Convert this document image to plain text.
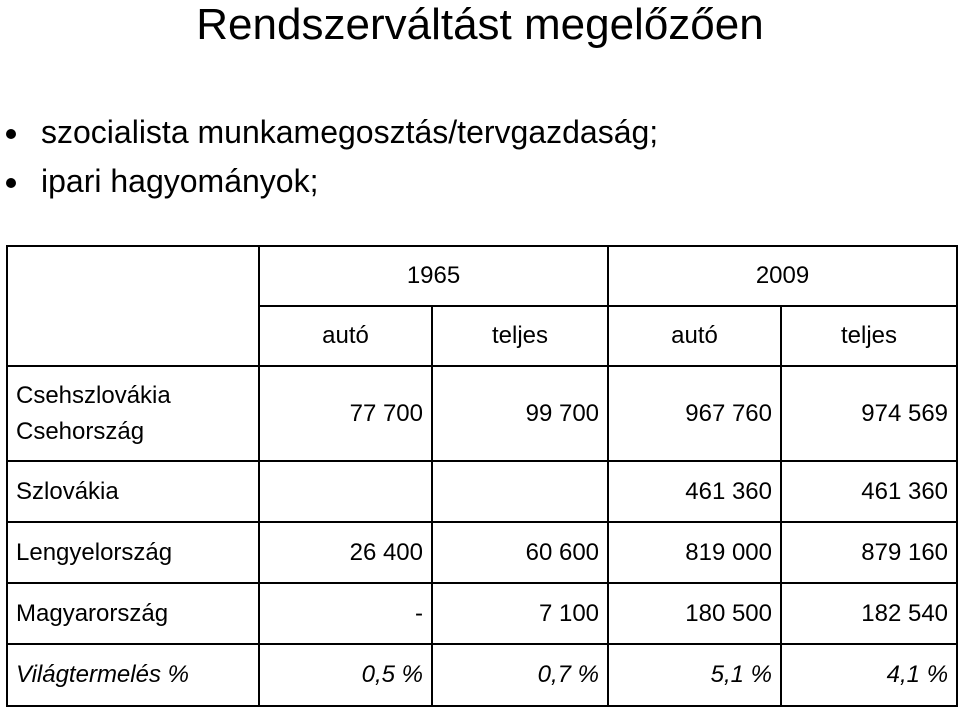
Rendszerváltást megelőzően
szocialista munkamegosztás/tervgazdaság;
ipari hagyományok;
	1965		2009	
	autó	teljes	autó	teljes

Csehszlovákia
Csehország	77 700	99 700	967 760	974 569
Szlovákia			461 360	461 360
Lengyelország	26 400	60 600	819 000	879 160
Magyarország	-	7 100	180 500	182 540
Világtermelés %	0,5 %	0,7 %	5,1 %	4,1 %
